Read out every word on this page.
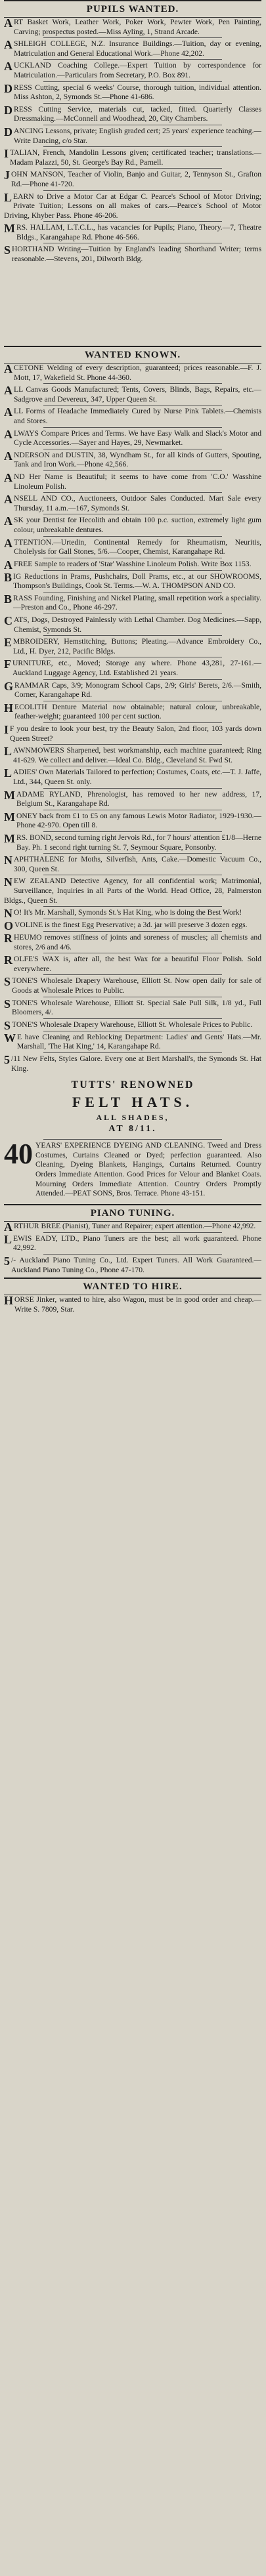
PUPILS WANTED.

ART Basket Work, Leather Work, Poker Work, Pewter Work, Pen Painting, Carving; prospectus posted.—Miss Ayling, 1, Strand Arcade.

ASHLEIGH COLLEGE, N.Z. Insurance Buildings.—Tuition, day or evening, Matriculation and General Educational Work.—Phone 42,202.

AUCKLAND Coaching College.—Expert Tuition by correspondence for Matriculation.—Particulars from Secretary, P.O. Box 891.

DRESS Cutting, special 6 weeks' Course, thorough tuition, individual attention. Miss Ashton, 2, Symonds St.—Phone 41-686.

DRESS Cutting Service, materials cut, tacked, fitted. Quarterly Classes Dressmaking.—McConnell and Woodhead, 20, City Chambers.

DANCING Lessons, private; English graded cert; 25 years' experience teaching.—Write Dancing, c/o Star.

ITALIAN, French, Mandolin Lessons given; certificated teacher; translations.—Madam Palazzi, 50, St. George's Bay Rd., Parnell.

JOHN MANSON, Teacher of Violin, Banjo and Guitar, 2, Tennyson St., Grafton Rd.—Phone 41-720.

LEARN to Drive a Motor Car at Edgar C. Pearce's School of Motor Driving; Private Tuition; Lessons on all makes of cars.—Pearce's School of Motor Driving, Khyber Pass. Phone 46-206.

MRS. HALLAM, L.T.C.L., has vacancies for Pupils; Piano, Theory.—7, Theatre Bldgs., Karangahape Rd. Phone 46-566.

SHORTHAND Writing—Tuition by England's leading Shorthand Writer; terms reasonable.—Stevens, 201, Dilworth Bldg.

WANTED KNOWN.

ACETONE Welding of every description, guaranteed; prices reasonable.—F. J. Mott, 17, Wakefield St. Phone 44-360.

ALL Canvas Goods Manufactured; Tents, Covers, Blinds, Bags, Repairs, etc.—Sadgrove and Devereux, 347, Upper Queen St.

ALL Forms of Headache Immediately Cured by Nurse Pink Tablets.—Chemists and Stores.

ALWAYS Compare Prices and Terms. We have Easy Walk and Slack's Motor and Cycle Accessories.—Sayer and Hayes, 29, Newmarket.

ANDERSON and DUSTIN, 38, Wyndham St., for all kinds of Gutters, Spouting, Tank and Iron Work.—Phone 42,566.

AND Her Name is Beautiful; it seems to have come from 'C.O.' Wasshine Linoleum Polish.

ANSELL AND CO., Auctioneers, Outdoor Sales Conducted. Mart Sale every Thursday, 11 a.m.—167, Symonds St.

ASK your Dentist for Hecolith and obtain 100 p.c. suction, extremely light gum colour, unbreakable dentures.

ATTENTION.—Urtedin, Continental Remedy for Rheumatism, Neuritis, Cholelysis for Gall Stones, 5/6.—Cooper, Chemist, Karangahape Rd.

AFREE Sample to readers of 'Star' Wasshine Linoleum Polish. Write Box 1153.

BIG Reductions in Prams, Pushchairs, Doll Prams, etc., at our SHOWROOMS, Thompson's Buildings, Cook St. Terms.—W. A. THOMPSON AND CO.

BRASS Founding, Finishing and Nickel Plating, small repetition work a speciality.—Preston and Co., Phone 46-297.

CATS, Dogs, Destroyed Painlessly with Lethal Chamber. Dog Medicines.—Sapp, Chemist, Symonds St.

EMBROIDERY, Hemstitching, Buttons; Pleating.—Advance Embroidery Co., Ltd., H. Dyer, 212, Pacific Bldgs.

FURNITURE, etc., Moved; Storage any where. Phone 43,281, 27-161.—Auckland Luggage Agency, Ltd. Established 21 years.

GRAMMAR Caps, 3/9; Monogram School Caps, 2/9; Girls' Berets, 2/6.—Smith, Corner, Karangahape Rd.

HECOLITH Denture Material now obtainable; natural colour, unbreakable, feather-weight; guaranteed 100 per cent suction.

I F you desire to look your best, try the Beauty Salon, 2nd floor, 103 yards down Queen Street?

LAWNMOWERS Sharpened, best workmanship, each machine guaranteed; Ring 41-629. We collect and deliver.—Ideal Co. Bldg., Cleveland St. Fwd St.

LADIES' Own Materials Tailored to perfection; Costumes, Coats, etc.—T. J. Jaffe, Ltd., 344, Queen St. only.

MADAME RYLAND, Phrenologist, has removed to her new address, 17, Belgium St., Karangahape Rd.

MONEY back from £1 to £5 on any famous Lewis Motor Radiator, 1929-1930.—Phone 42-970. Open till 8.

MRS. BOND, second turning right Jervois Rd., for 7 hours' attention £1/8—Herne Bay. Ph. 1 second right turning St. 7, Seymour Square, Ponsonby.

NAPHTHALENE for Moths, Silverfish, Ants, Cake.—Domestic Vacuum Co., 300, Queen St.

NEW ZEALAND Detective Agency, for all confidential work; Matrimonial, Surveillance, Inquiries in all Parts of the World. Head Office, 28, Palmerston Bldgs., Queen St.

N O! It's Mr. Marshall, Symonds St.'s Hat King, who is doing the Best Work!

OVOLINE is the finest Egg Preservative; a 3d. jar will preserve 3 dozen eggs.

RHEUMO removes stiffness of joints and soreness of muscles; all chemists and stores, 2/6 and 4/6.

ROLFE'S WAX is, after all, the best Wax for a beautiful Floor Polish. Sold everywhere.

STONE'S Wholesale Drapery Warehouse, Elliott St. Now open daily for sale of Goods at Wholesale Prices to Public.

STONE'S Wholesale Warehouse, Elliott St. Special Sale Pull Silk, 1/8 yd., Full Bloomers, 4/.

STONE'S Wholesale Drapery Warehouse, Elliott St. Wholesale Prices to Public.

W E have Cleaning and Reblocking Department: Ladies' and Gents' Hats.—Mr. Marshall, 'The Hat King,' 14, Karangahape Rd.

5 /11 New Felts, Styles Galore. Every one at Bert Marshall's, the Symonds St. Hat King.

TUTTS' RENOWNED
FELT HATS.
ALL SHADES,
AT 8/11.
40 YEARS' EXPERIENCE DYEING AND CLEANING. Tweed and Dress Costumes, Curtains Cleaned or Dyed; perfection guaranteed. Also Cleaning, Dyeing Blankets, Hangings, Curtains Returned. Country Orders Immediate Attention. Good Prices for Velour and Blanket Coats. Mourning Orders Immediate Attention. Country Orders Promptly Attended.—PEAT SONS, Bros. Terrace. Phone 43-151.
PIANO TUNING.

ARTHUR BREE (Pianist), Tuner and Repairer; expert attention.—Phone 42,992.

LEWIS EADY, LTD., Piano Tuners are the best; all work guaranteed. Phone 42,992.

5 /- Auckland Piano Tuning Co., Ltd. Expert Tuners. All Work Guaranteed.—Auckland Piano Tuning Co., Phone 47-170.

WANTED TO HIRE.

HORSE Jinker, wanted to hire, also Wagon, must be in good order and cheap.—Write S. 7809, Star.
